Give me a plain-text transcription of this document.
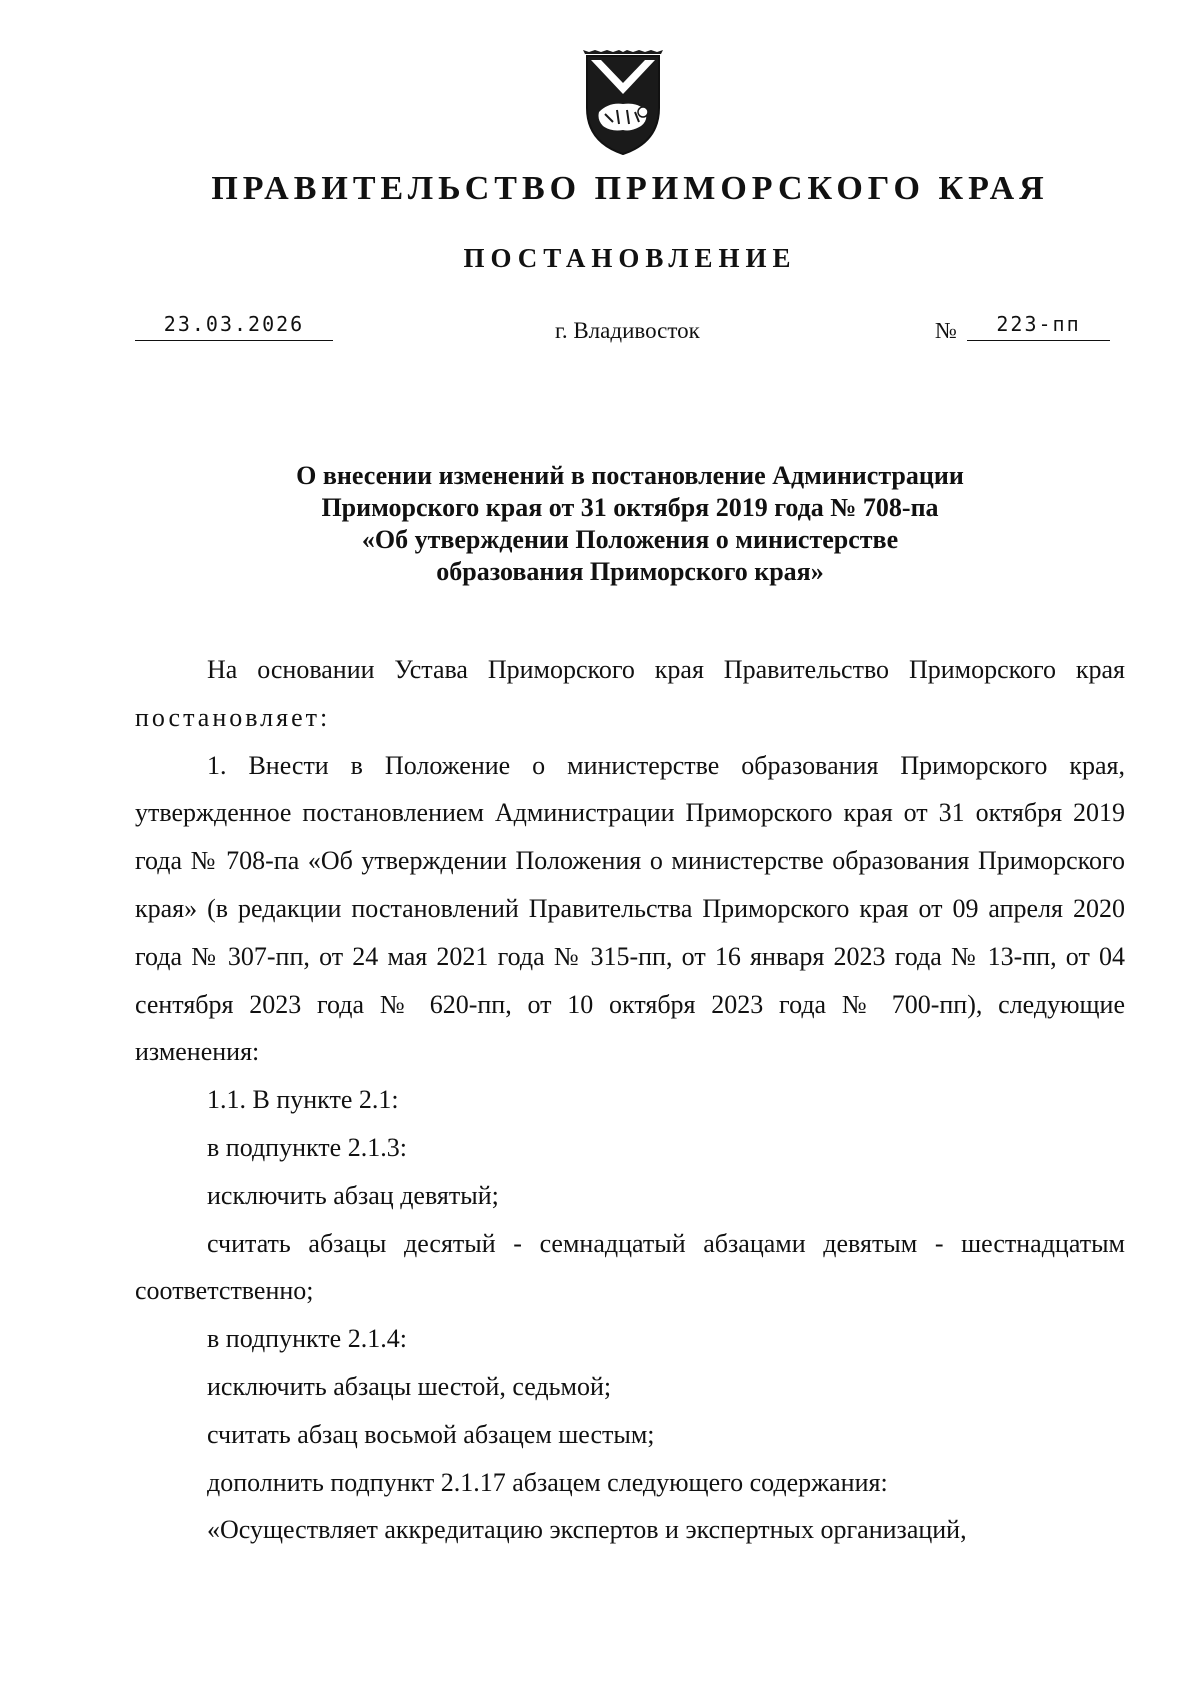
ПРАВИТЕЛЬСТВО ПРИМОРСКОГО КРАЯ
ПОСТАНОВЛЕНИЕ
23.03.2026	г. Владивосток	№	223-пп
О внесении изменений в постановление Администрации
Приморского края от 31 октября 2019 года № 708-па
«Об утверждении Положения о министерстве
образования Приморского края»

На основании Устава Приморского края Правительство Приморского края постановляет:

1. Внести в Положение о министерстве образования Приморского края, утвержденное постановлением Администрации Приморского края от 31 октября 2019 года № 708-па «Об утверждении Положения о министерстве образования Приморского края» (в редакции постановлений Правительства Приморского края от 09 апреля 2020 года № 307-пп, от 24 мая 2021 года № 315-пп, от 16 января 2023 года № 13-пп, от 04 сентября 2023 года № 620-пп, от 10 октября 2023 года № 700-пп), следующие изменения:

1.1. В пункте 2.1:

в подпункте 2.1.3:

исключить абзац девятый;

считать абзацы десятый - семнадцатый абзацами девятым - шестнадцатым соответственно;

в подпункте 2.1.4:

исключить абзацы шестой, седьмой;

считать абзац восьмой абзацем шестым;

дополнить подпункт 2.1.17 абзацем следующего содержания:

«Осуществляет аккредитацию экспертов и экспертных организаций,
